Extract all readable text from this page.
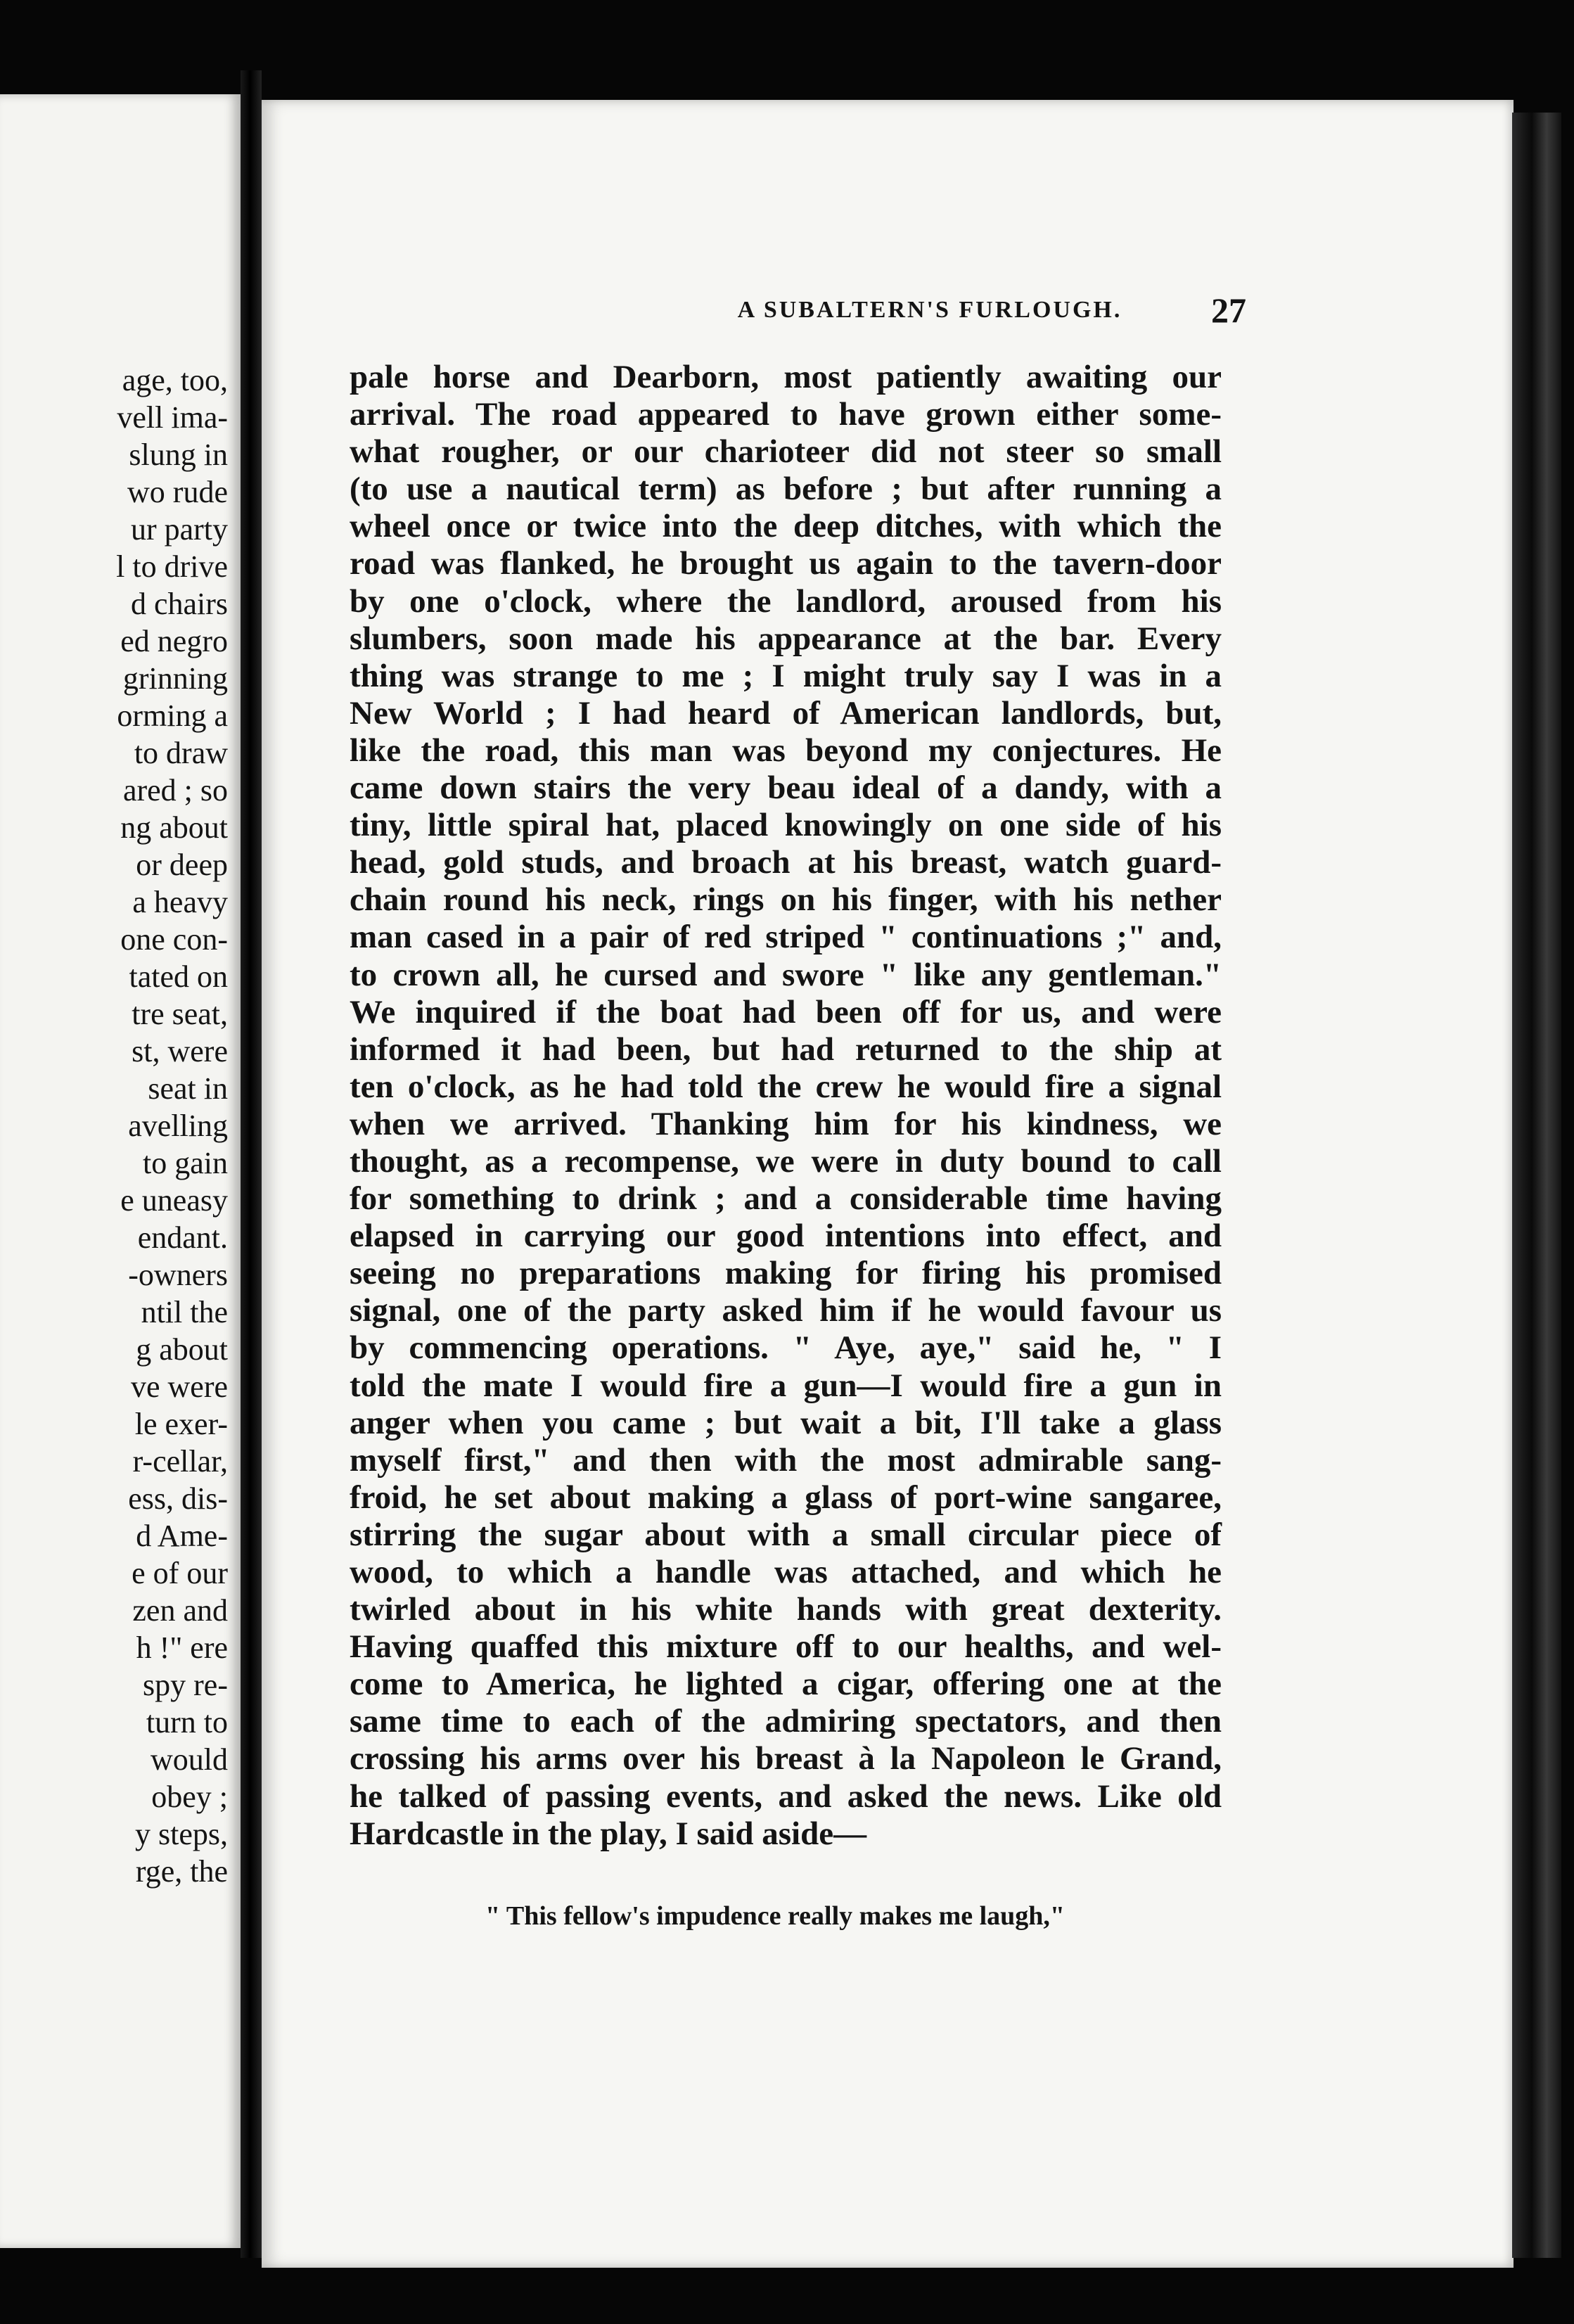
age, too,
vell ima-
slung in
wo rude
ur party
l to drive
d chairs
ed negro
grinning
orming a
to draw
ared ; so
ng about
or deep
a heavy
one con-
tated on
tre seat,
st, were
seat in
avelling
to gain
e uneasy
endant.
-owners
ntil the
g about
ve were
le exer-
r-cellar,
ess, dis-
d Ame-
e of our
zen and
h !" ere
spy re-
turn to
would
obey ;
y steps,
rge, the
A SUBALTERN'S FURLOUGH.	27
pale horse and Dearborn, most patiently awaiting our
arrival. The road appeared to have grown either some-
what rougher, or our charioteer did not steer so small
(to use a nautical term) as before ; but after running a
wheel once or twice into the deep ditches, with which the
road was flanked, he brought us again to the tavern-door
by one o'clock, where the landlord, aroused from his
slumbers, soon made his appearance at the bar. Every
thing was strange to me ; I might truly say I was in a
New World ; I had heard of American landlords, but,
like the road, this man was beyond my conjectures. He
came down stairs the very beau ideal of a dandy, with a
tiny, little spiral hat, placed knowingly on one side of his
head, gold studs, and broach at his breast, watch guard-
chain round his neck, rings on his finger, with his nether
man cased in a pair of red striped " continuations ;" and,
to crown all, he cursed and swore " like any gentleman."
We inquired if the boat had been off for us, and were
informed it had been, but had returned to the ship at
ten o'clock, as he had told the crew he would fire a signal
when we arrived. Thanking him for his kindness, we
thought, as a recompense, we were in duty bound to call
for something to drink ; and a considerable time having
elapsed in carrying our good intentions into effect, and
seeing no preparations making for firing his promised
signal, one of the party asked him if he would favour us
by commencing operations. " Aye, aye," said he, " I
told the mate I would fire a gun—I would fire a gun in
anger when you came ; but wait a bit, I'll take a glass
myself first," and then with the most admirable sang-
froid, he set about making a glass of port-wine sangaree,
stirring the sugar about with a small circular piece of
wood, to which a handle was attached, and which he
twirled about in his white hands with great dexterity.
Having quaffed this mixture off to our healths, and wel-
come to America, he lighted a cigar, offering one at the
same time to each of the admiring spectators, and then
crossing his arms over his breast à la Napoleon le Grand,
he talked of passing events, and asked the news. Like old
Hardcastle in the play, I said aside—
" This fellow's impudence really makes me laugh,"
